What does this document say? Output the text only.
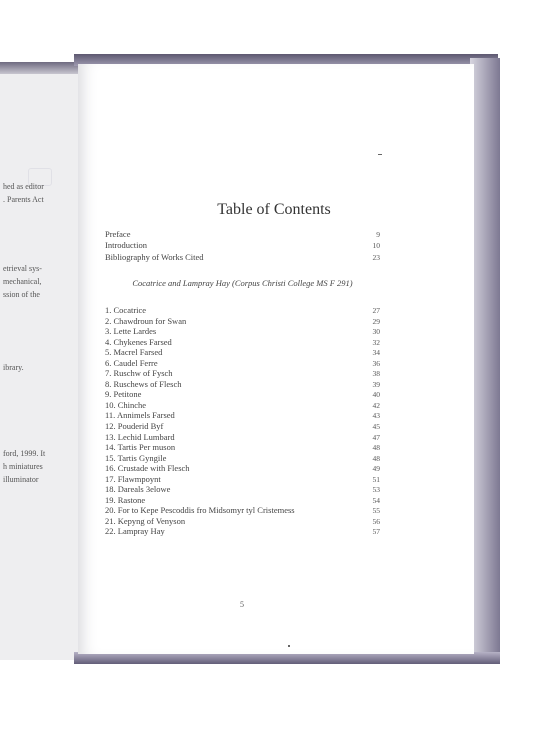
hed as editor
. Parents Act
etrieval sys-
mechanical,
ssion of the
ibrary.
ford, 1999. It
h miniatures
illuminator
Table of Contents
Preface	9
Introduction	10
Bibliography of Works Cited	23
Cocatrice and Lampray Hay (Corpus Christi College MS F 291)
1. Cocatrice	27
2. Chawdroun for Swan	29
3. Lette Lardes	30
4. Chykenes Farsed	32
5. Macrel Farsed	34
6. Caudel Ferre	36
7. Ruschw of Fysch	38
8. Ruschews of Flesch	39
9. Petitone	40
10. Chinche	42
11. Annimels Farsed	43
12. Pouderid Byf	45
13. Lechid Lumbard	47
14. Tartis Per muson	48
15. Tartis Gyngile	48
16. Crustade with Flesch	49
17. Flawmpoynt	51
18. Dareals 3elowe	53
19. Rastone	54
20. For to Kepe Pescoddis fro Midsomyr tyl Cristemess	55
21. Kepyng of Venyson	56
22. Lampray Hay	57
5
